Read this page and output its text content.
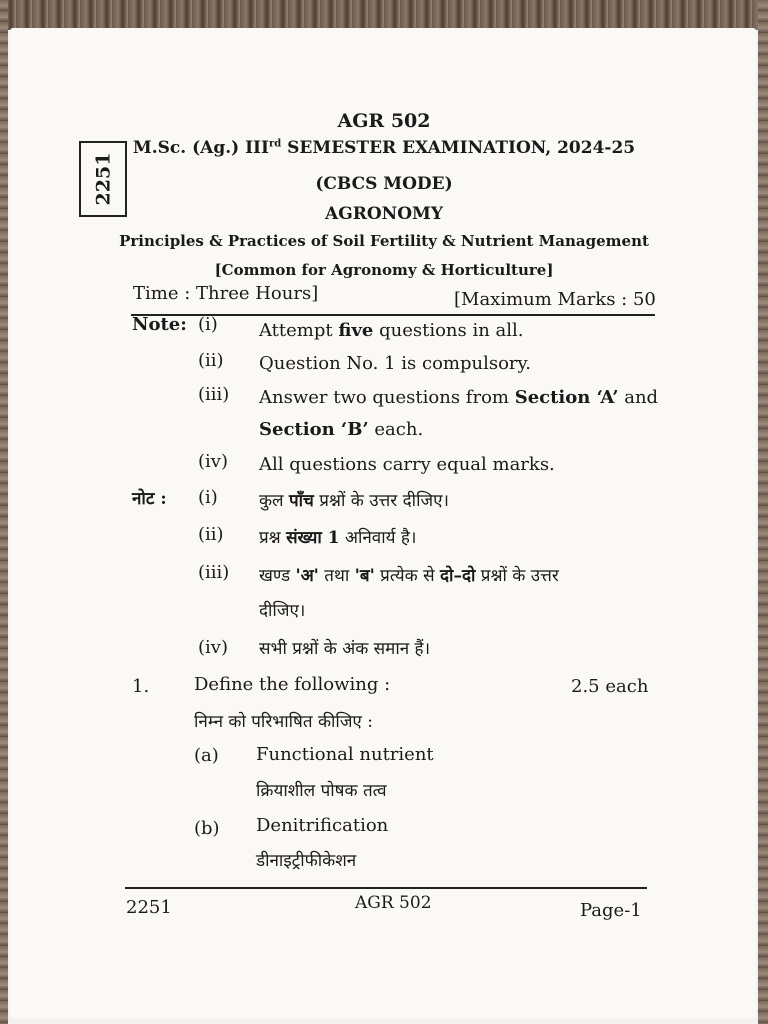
2251
AGR 502
M.Sc. (Ag.) IIIrd SEMESTER EXAMINATION, 2024-25
(CBCS MODE)
AGRONOMY
Principles & Practices of Soil Fertility & Nutrient Management
[Common for Agronomy & Horticulture]
Time : Three Hours]	[Maximum Marks : 50
Note: (i) Attempt five questions in all.
(ii) Question No. 1 is compulsory.
(iii) Answer two questions from Section ‘A’ and
Section ‘B’ each.
(iv) All questions carry equal marks.
नोट : (i) कुल पाँच प्रश्नों के उत्तर दीजिए।
(ii) प्रश्न संख्या 1 अनिवार्य है।
(iii) खण्ड 'अ' तथा 'ब' प्रत्येक से दो–दो प्रश्नों के उत्तर
दीजिए।
(iv) सभी प्रश्नों के अंक समान हैं।
1. Define the following :	2.5 each
निम्न को परिभाषित कीजिए :
(a) Functional nutrient
क्रियाशील पोषक तत्व
(b) Denitrification
डीनाइट्रीफीकेशन
2251	AGR 502	Page-1
